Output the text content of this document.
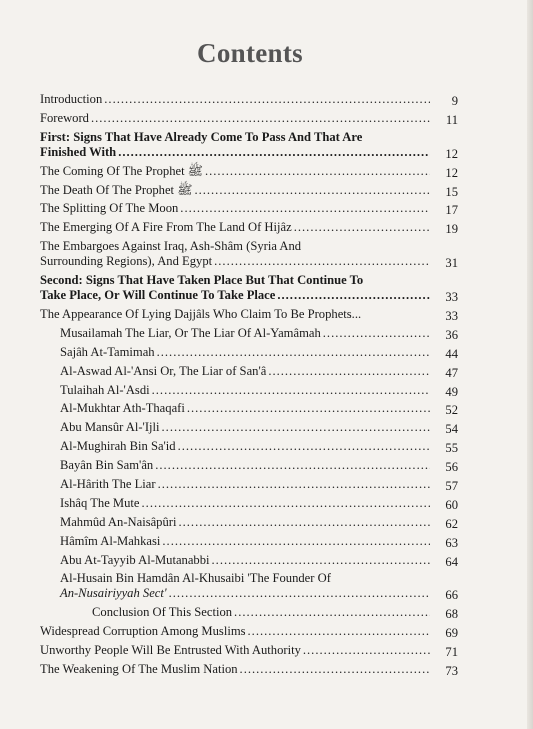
Contents
Introduction .....	9
Foreword .....	11
First: Signs That Have Already Come To Pass And That Are
Finished With .....	12
The Coming Of The Prophet ﷺ .....	12
The Death Of The Prophet ﷺ .....	15
The Splitting Of The Moon .....	17
The Emerging Of A Fire From The Land Of Hijâz .....	19
The Embargoes Against Iraq, Ash-Shâm (Syria And
Surrounding Regions), And Egypt .....	31
Second: Signs That Have Taken Place But That Continue To
Take Place, Or Will Continue To Take Place .....	33
The Appearance Of Lying Dajjâls Who Claim To Be Prophets...	33
Musailamah The Liar, Or The Liar Of Al-Yamâmah .....	36
Sajâh At-Tamimah .....	44
Al-Aswad Al-'Ansi Or, The Liar of San'â .....	47
Tulaihah Al-'Asdi .....	49
Al-Mukhtar Ath-Thaqafi .....	52
Abu Mansûr Al-'Ijli .....	54
Al-Mughirah Bin Sa'id .....	55
Bayân Bin Sam'ân .....	56
Al-Hârith The Liar .....	57
Ishâq The Mute .....	60
Mahmûd An-Naisâpûri .....	62
Hâmîm Al-Mahkasi .....	63
Abu At-Tayyib Al-Mutanabbi .....	64
Al-Husain Bin Hamdân Al-Khusaibi 'The Founder Of
An-Nusairiyyah Sect' .....	66
Conclusion Of This Section .....	68
Widespread Corruption Among Muslims .....	69
Unworthy People Will Be Entrusted With Authority .....	71
The Weakening Of The Muslim Nation .....	73
